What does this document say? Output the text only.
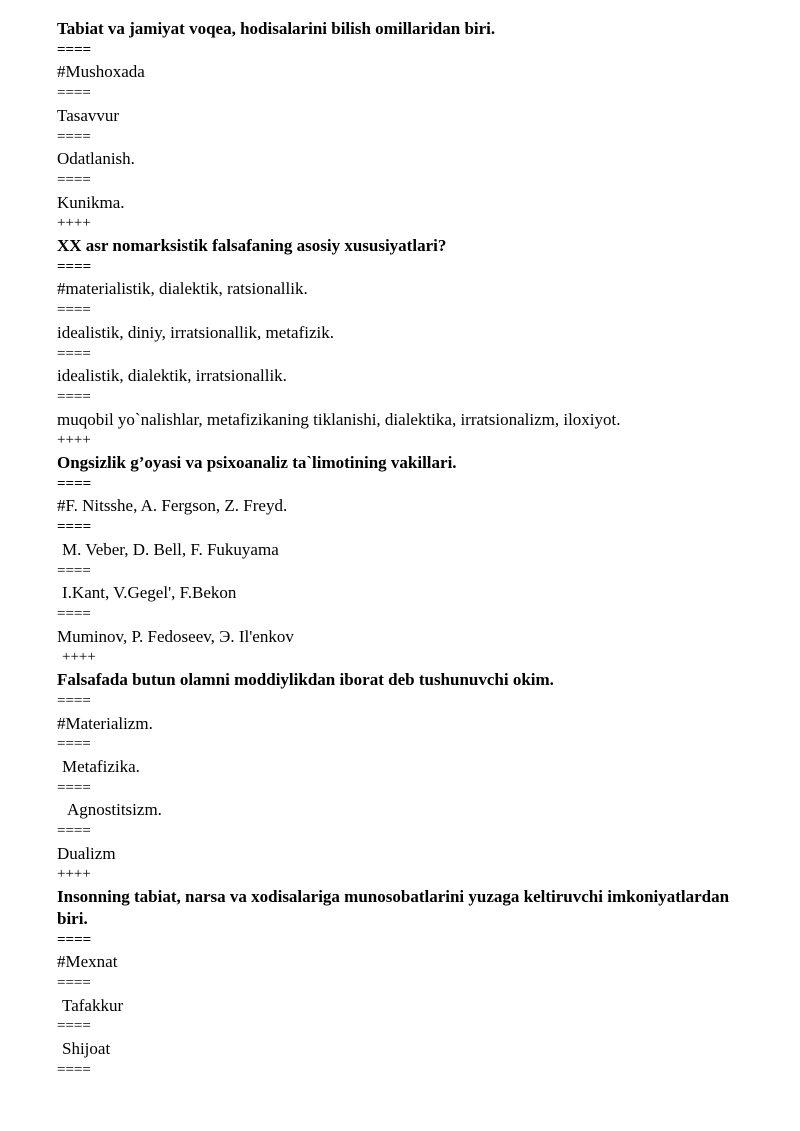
Tabiat va jamiyat voqea, hodisalarini bilish omillaridan biri.
====
#Mushoxada
====
Tasavvur
====
Odatlanish.
====
Kunikma.
++++
XX asr nomarksistik falsafaning asosiy xususiyatlari?
====
#materialistik, dialektik, ratsionallik.
====
idealistik, diniy, irratsionallik, metafizik.
====
idealistik, dialektik, irratsionallik.
====
muqobil yo`nalishlar, metafizikaning tiklanishi, dialektika, irratsionalizm, iloxiyot.
++++
Ongsizlik g’oyasi va psixoanaliz ta`limotining vakillari.
====
#F. Nitsshe, A. Fergson, Z. Freyd.
====
M. Veber, D. Bell, F. Fukuyama
====
I.Kant, V.Gegel', F.Bekon
====
Muminov, P. Fedoseev, Э. Il'enkov
++++
Falsafada butun olamni moddiylikdan iborat deb tushunuvchi okim.
====
#Materializm.
====
Metafizika.
====
Agnostitsizm.
====
Dualizm
++++
Insonning tabiat, narsa va xodisalariga munosobatlarini yuzaga keltiruvchi imkoniyatlardan biri.
====
#Mexnat
====
Tafakkur
====
Shijoat
====
